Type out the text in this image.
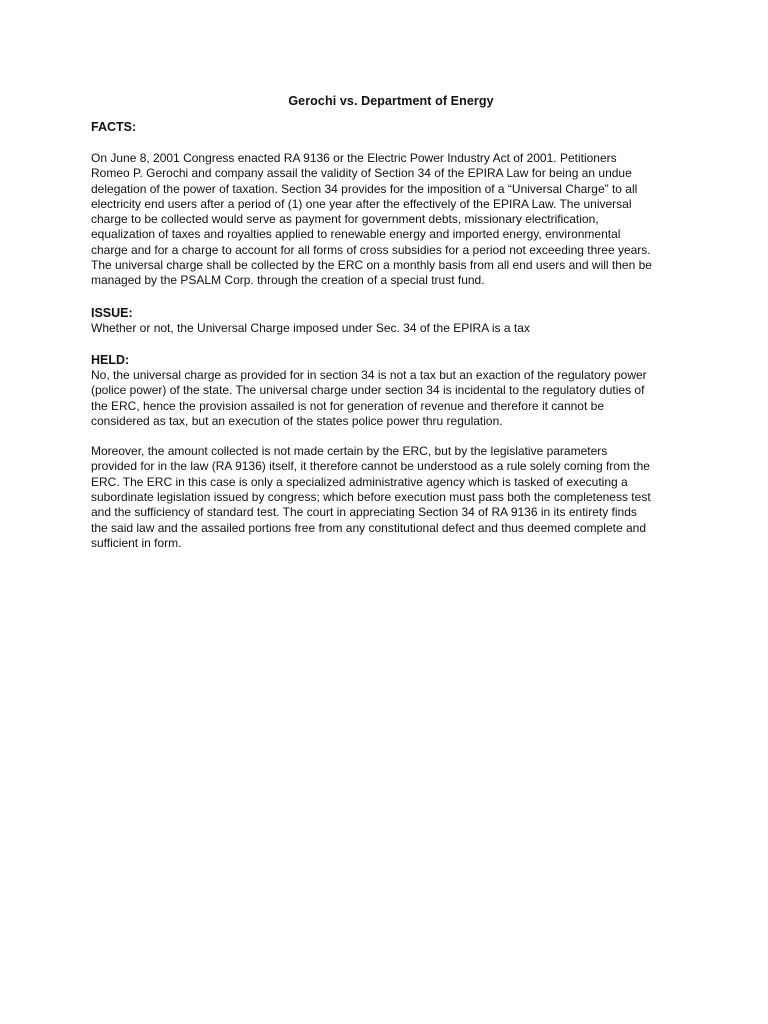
Gerochi vs. Department of Energy
FACTS:
On June 8, 2001 Congress enacted RA 9136 or the Electric Power Industry Act of 2001. Petitioners
Romeo P. Gerochi and company assail the validity of Section 34 of the EPIRA Law for being an undue
delegation of the power of taxation. Section 34 provides for the imposition of a “Universal Charge” to all
electricity end users after a period of (1) one year after the effectively of the EPIRA Law. The universal
charge to be collected would serve as payment for government debts, missionary electrification,
equalization of taxes and royalties applied to renewable energy and imported energy, environmental
charge and for a charge to account for all forms of cross subsidies for a period not exceeding three years.
The universal charge shall be collected by the ERC on a monthly basis from all end users and will then be
managed by the PSALM Corp. through the creation of a special trust fund.
ISSUE:
Whether or not, the Universal Charge imposed under Sec. 34 of the EPIRA is a tax
HELD:
No, the universal charge as provided for in section 34 is not a tax but an exaction of the regulatory power
(police power) of the state. The universal charge under section 34 is incidental to the regulatory duties of
the ERC, hence the provision assailed is not for generation of revenue and therefore it cannot be
considered as tax, but an execution of the states police power thru regulation.
Moreover, the amount collected is not made certain by the ERC, but by the legislative parameters
provided for in the law (RA 9136) itself, it therefore cannot be understood as a rule solely coming from the
ERC. The ERC in this case is only a specialized administrative agency which is tasked of executing a
subordinate legislation issued by congress; which before execution must pass both the completeness test
and the sufficiency of standard test. The court in appreciating Section 34 of RA 9136 in its entirety finds
the said law and the assailed portions free from any constitutional defect and thus deemed complete and
sufficient in form.
